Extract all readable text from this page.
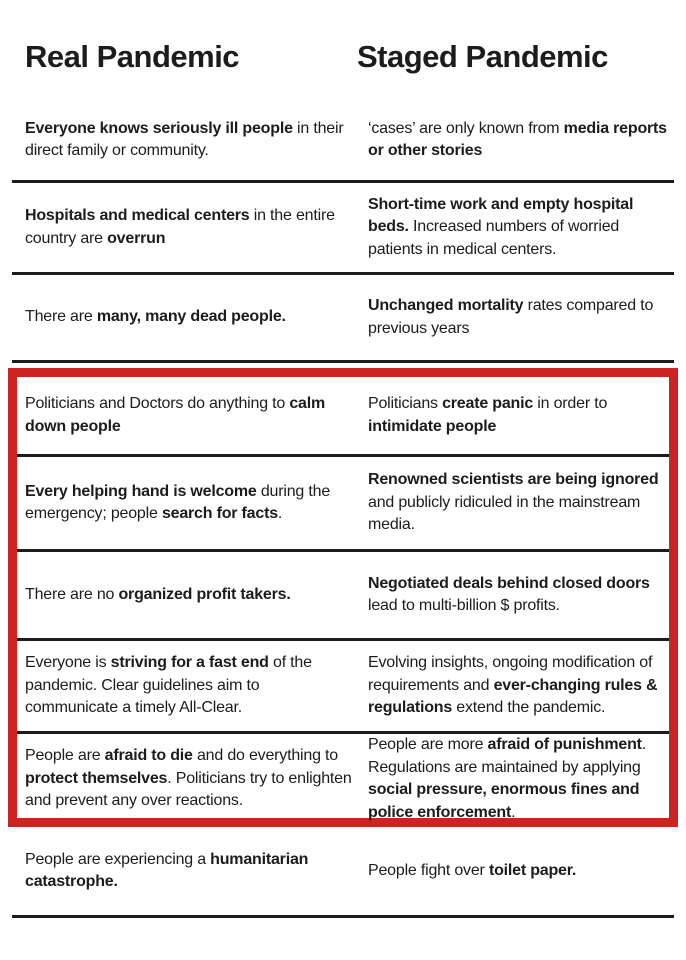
Real Pandemic	Staged Pandemic
Everyone knows seriously ill people in their direct family or community.
‘cases’ are only known from media reports or other stories
Hospitals and medical centers in the entire country are overrun
Short-time work and empty hospital beds. Increased numbers of worried patients in medical centers.
There are many, many dead people.
Unchanged mortality rates compared to previous years
Politicians and Doctors do anything to calm down people
Politicians create panic in order to intimidate people
Every helping hand is welcome during the emergency; people search for facts.
Renowned scientists are being ignored and publicly ridiculed in the mainstream media.
There are no organized profit takers.
Negotiated deals behind closed doors lead to multi-billion $ profits.
Everyone is striving for a fast end of the pandemic. Clear guidelines aim to communicate a timely All-Clear.
Evolving insights, ongoing modification of requirements and ever-changing rules & regulations extend the pandemic.
People are afraid to die and do everything to protect themselves. Politicians try to enlighten and prevent any over reactions.
People are more afraid of punishment. Regulations are maintained by applying social pressure, enormous fines and police enforcement.
People are experiencing a humanitarian catastrophe.
People fight over toilet paper.
